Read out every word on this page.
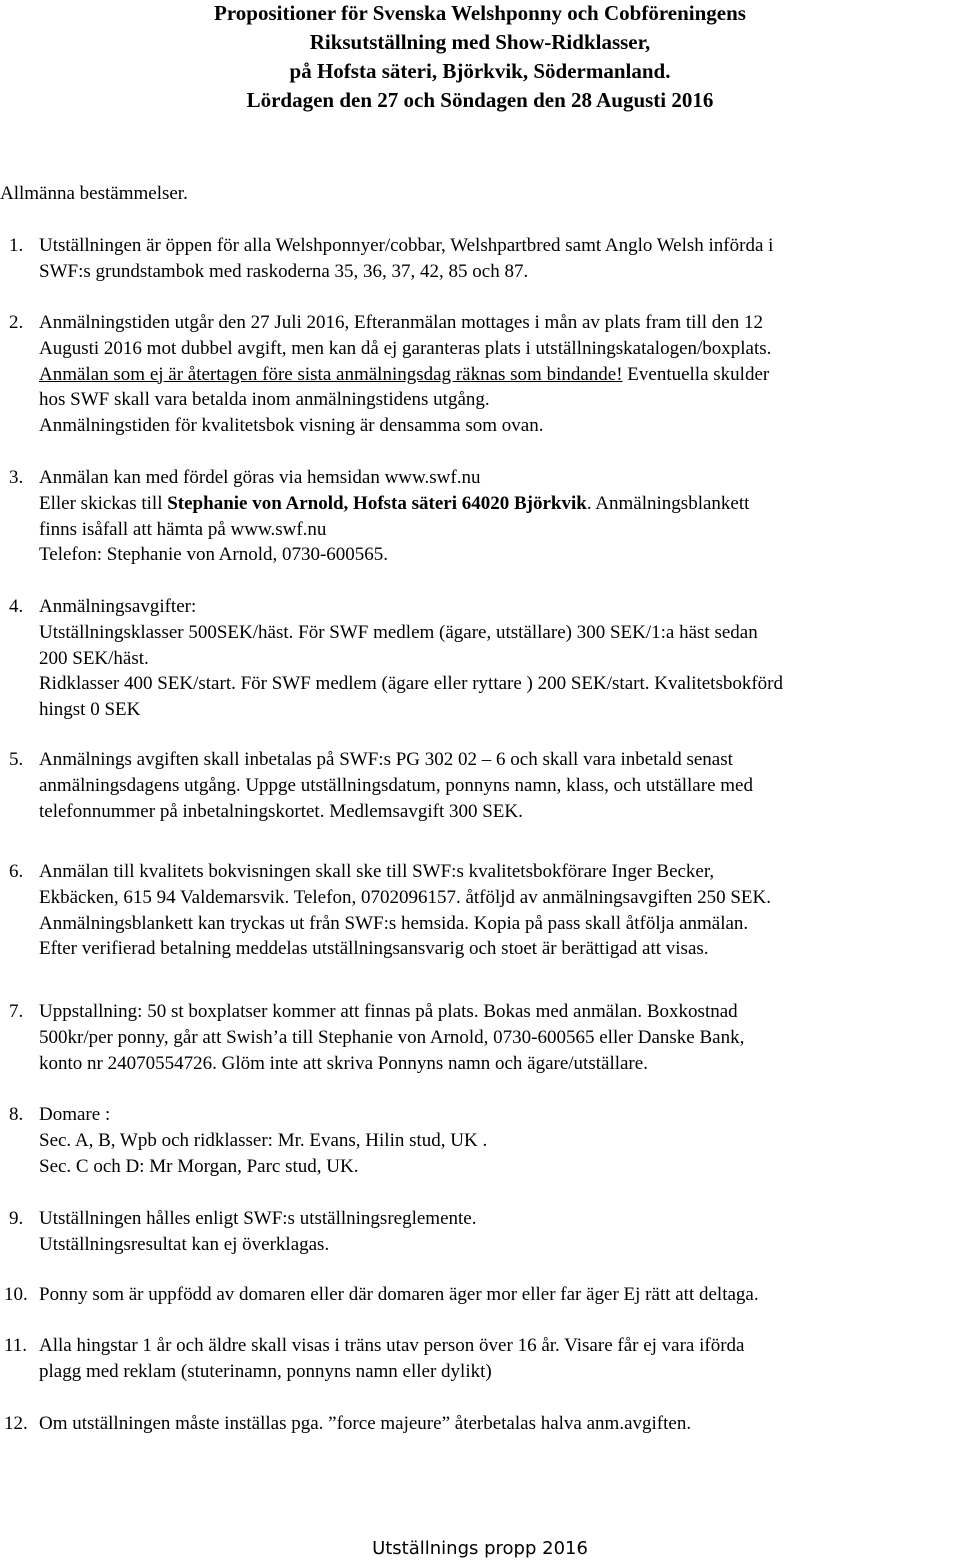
Propositioner för Svenska Welshponny och Cobföreningens
Riksutställning med Show-Ridklasser,
på Hofsta säteri, Björkvik, Södermanland.
Lördagen den 27 och Söndagen den 28 Augusti 2016
Allmänna bestämmelser.
1. Utställningen är öppen för alla Welshponnyer/cobbar, Welshpartbred samt Anglo Welsh införda i
SWF:s grundstambok med raskoderna 35, 36, 37, 42, 85 och 87.
2. Anmälningstiden utgår den 27 Juli 2016, Efteranmälan mottages i mån av plats fram till den 12
Augusti 2016 mot dubbel avgift, men kan då ej garanteras plats i utställningskatalogen/boxplats.
Anmälan som ej är återtagen före sista anmälningsdag räknas som bindande! Eventuella skulder
hos SWF skall vara betalda inom anmälningstidens utgång.
Anmälningstiden för kvalitetsbok visning är densamma som ovan.
3. Anmälan kan med fördel göras via hemsidan www.swf.nu
Eller skickas till Stephanie von Arnold, Hofsta säteri 64020 Björkvik. Anmälningsblankett
finns isåfall att hämta på www.swf.nu
Telefon: Stephanie von Arnold, 0730-600565.
4. Anmälningsavgifter:
Utställningsklasser 500SEK/häst. För SWF medlem (ägare, utställare) 300 SEK/1:a häst sedan
200 SEK/häst.
Ridklasser 400 SEK/start. För SWF medlem (ägare eller ryttare ) 200 SEK/start. Kvalitetsbokförd
hingst 0 SEK
5. Anmälnings avgiften skall inbetalas på SWF:s PG 302 02 – 6 och skall vara inbetald senast
anmälningsdagens utgång. Uppge utställningsdatum, ponnyns namn, klass, och utställare med
telefonnummer på inbetalningskortet. Medlemsavgift 300 SEK.
6. Anmälan till kvalitets bokvisningen skall ske till SWF:s kvalitetsbokförare Inger Becker,
Ekbäcken, 615 94 Valdemarsvik. Telefon, 0702096157. åtföljd av anmälningsavgiften 250 SEK.
Anmälningsblankett kan tryckas ut från SWF:s hemsida. Kopia på pass skall åtfölja anmälan.
Efter verifierad betalning meddelas utställningsansvarig och stoet är berättigad att visas.
7. Uppstallning: 50 st boxplatser kommer att finnas på plats. Bokas med anmälan. Boxkostnad
500kr/per ponny, går att Swish’a till Stephanie von Arnold, 0730-600565 eller Danske Bank,
konto nr 24070554726. Glöm inte att skriva Ponnyns namn och ägare/utställare.
8. Domare :
Sec. A, B, Wpb och ridklasser: Mr. Evans, Hilin stud, UK .
Sec. C och D: Mr Morgan, Parc stud, UK.
9. Utställningen hålles enligt SWF:s utställningsreglemente.
Utställningsresultat kan ej överklagas.
10. Ponny som är uppfödd av domaren eller där domaren äger mor eller far äger Ej rätt att deltaga.
11. Alla hingstar 1 år och äldre skall visas i träns utav person över 16 år. Visare får ej vara iförda
plagg med reklam (stuterinamn, ponnyns namn eller dylikt)
12. Om utställningen måste inställas pga. ”force majeure” återbetalas halva anm.avgiften.
Utställnings propp 2016
